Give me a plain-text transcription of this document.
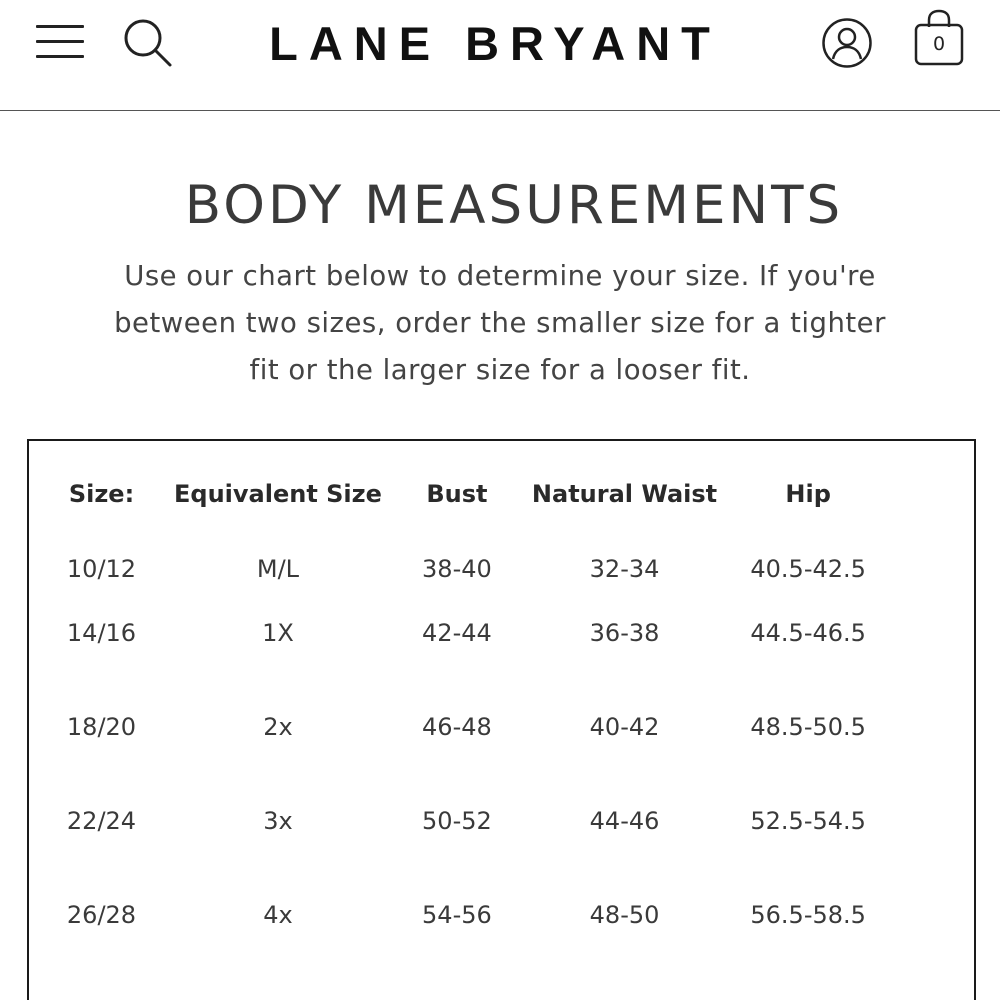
LANE BRYANT	0
BODY MEASUREMENTS

Use our chart below to determine your size. If you're between two sizes, order the smaller size for a tighter fit or the larger size for a looser fit.

Size:	Equivalent Size	Bust	Natural Waist	Hip
10/12	M/L	38-40	32-34	40.5-42.5
14/16	1X	42-44	36-38	44.5-46.5
18/20	2x	46-48	40-42	48.5-50.5
22/24	3x	50-52	44-46	52.5-54.5
26/28	4x	54-56	48-50	56.5-58.5
